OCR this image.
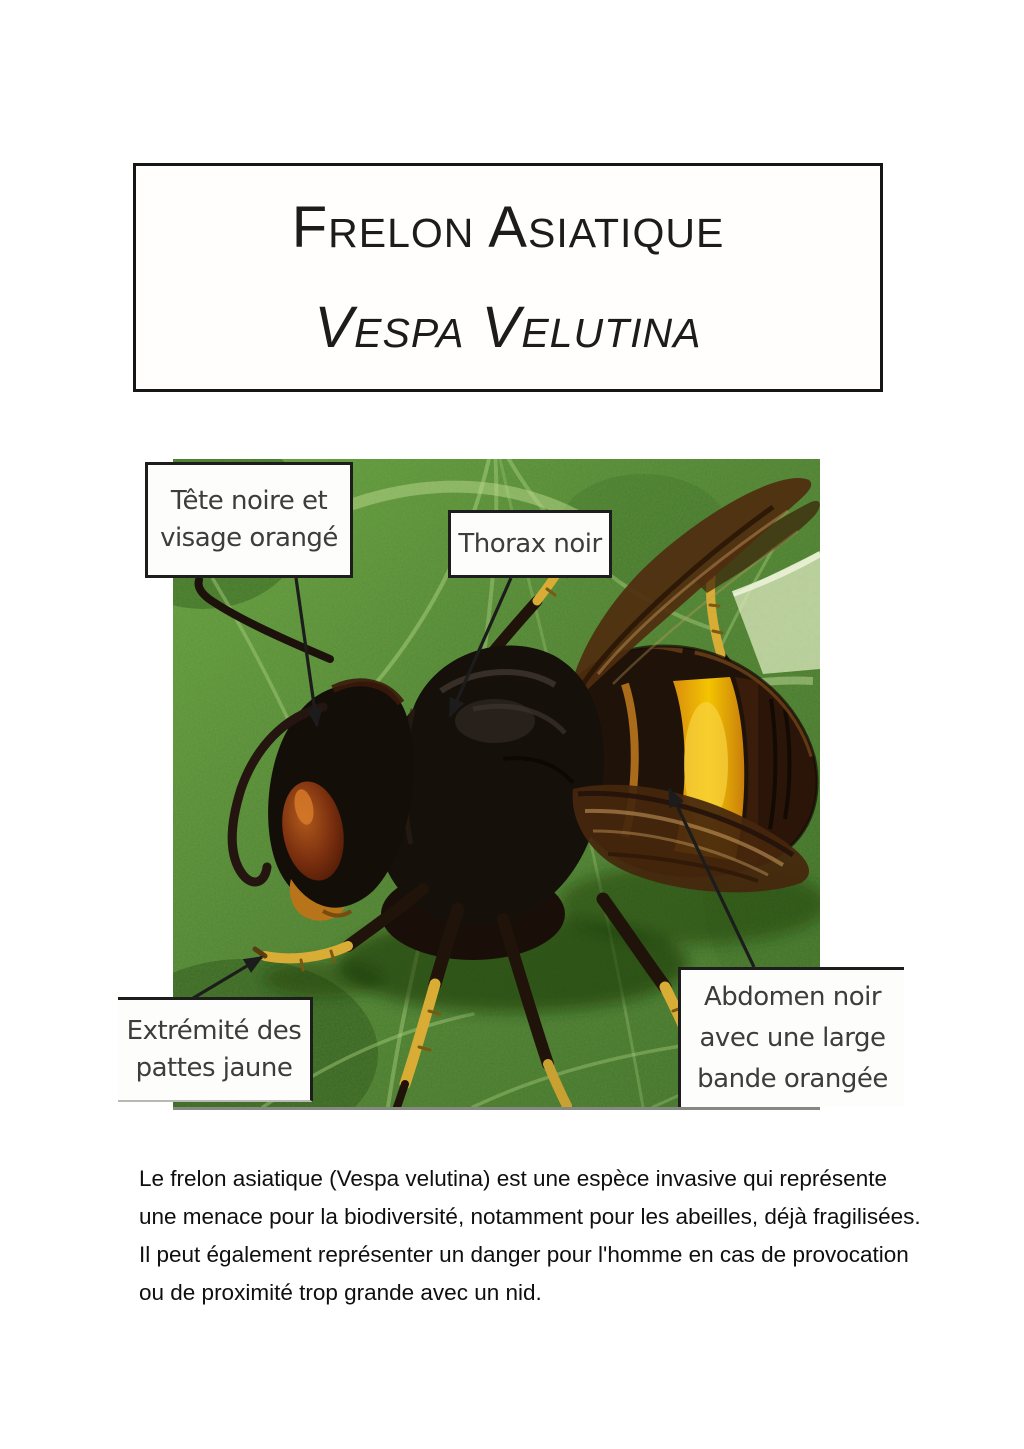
Frelon Asiatique
Vespa Velutina
Tête noire et
visage orangé	Thorax noir
Extrémité des
pattes jaune
Abdomen noir
avec une large
bande orangée
Le frelon asiatique (Vespa velutina) est une espèce invasive qui représente
une menace pour la biodiversité, notamment pour les abeilles, déjà fragilisées.
Il peut également représenter un danger pour l'homme en cas de provocation
ou de proximité trop grande avec un nid.
